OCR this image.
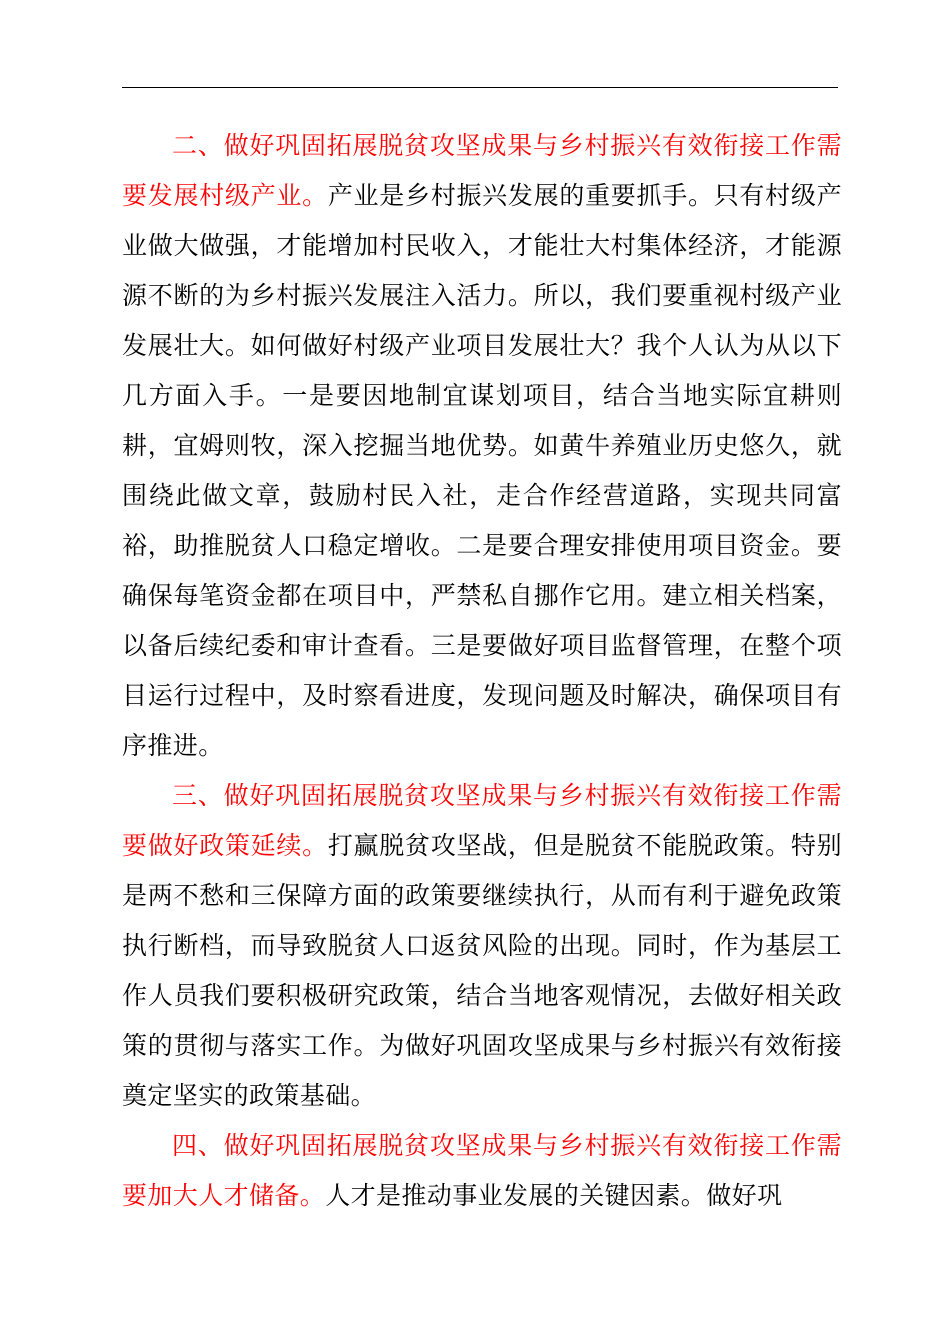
二、做好巩固拓展脱贫攻坚成果与乡村振兴有效衔接工作需要发展村级产业。产业是乡村振兴发展的重要抓手。只有村级产业做大做强，才能增加村民收入，才能壮大村集体经济，才能源源不断的为乡村振兴发展注入活力。所以，我们要重视村级产业发展壮大。如何做好村级产业项目发展壮大？我个人认为从以下几方面入手。一是要因地制宜谋划项目，结合当地实际宜耕则耕，宜姆则牧，深入挖掘当地优势。如黄牛养殖业历史悠久，就围绕此做文章，鼓励村民入社，走合作经营道路，实现共同富裕，助推脱贫人口稳定增收。二是要合理安排使用项目资金。要确保每笔资金都在项目中，严禁私自挪作它用。建立相关档案，以备后续纪委和审计查看。三是要做好项目监督管理，在整个项目运行过程中，及时察看进度，发现问题及时解决，确保项目有序推进。

三、做好巩固拓展脱贫攻坚成果与乡村振兴有效衔接工作需要做好政策延续。打赢脱贫攻坚战，但是脱贫不能脱政策。特别是两不愁和三保障方面的政策要继续执行，从而有利于避免政策执行断档，而导致脱贫人口返贫风险的出现。同时，作为基层工作人员我们要积极研究政策，结合当地客观情况，去做好相关政策的贯彻与落实工作。为做好巩固攻坚成果与乡村振兴有效衔接奠定坚实的政策基础。

四、做好巩固拓展脱贫攻坚成果与乡村振兴有效衔接工作需要加大人才储备。人才是推动事业发展的关键因素。做好巩
